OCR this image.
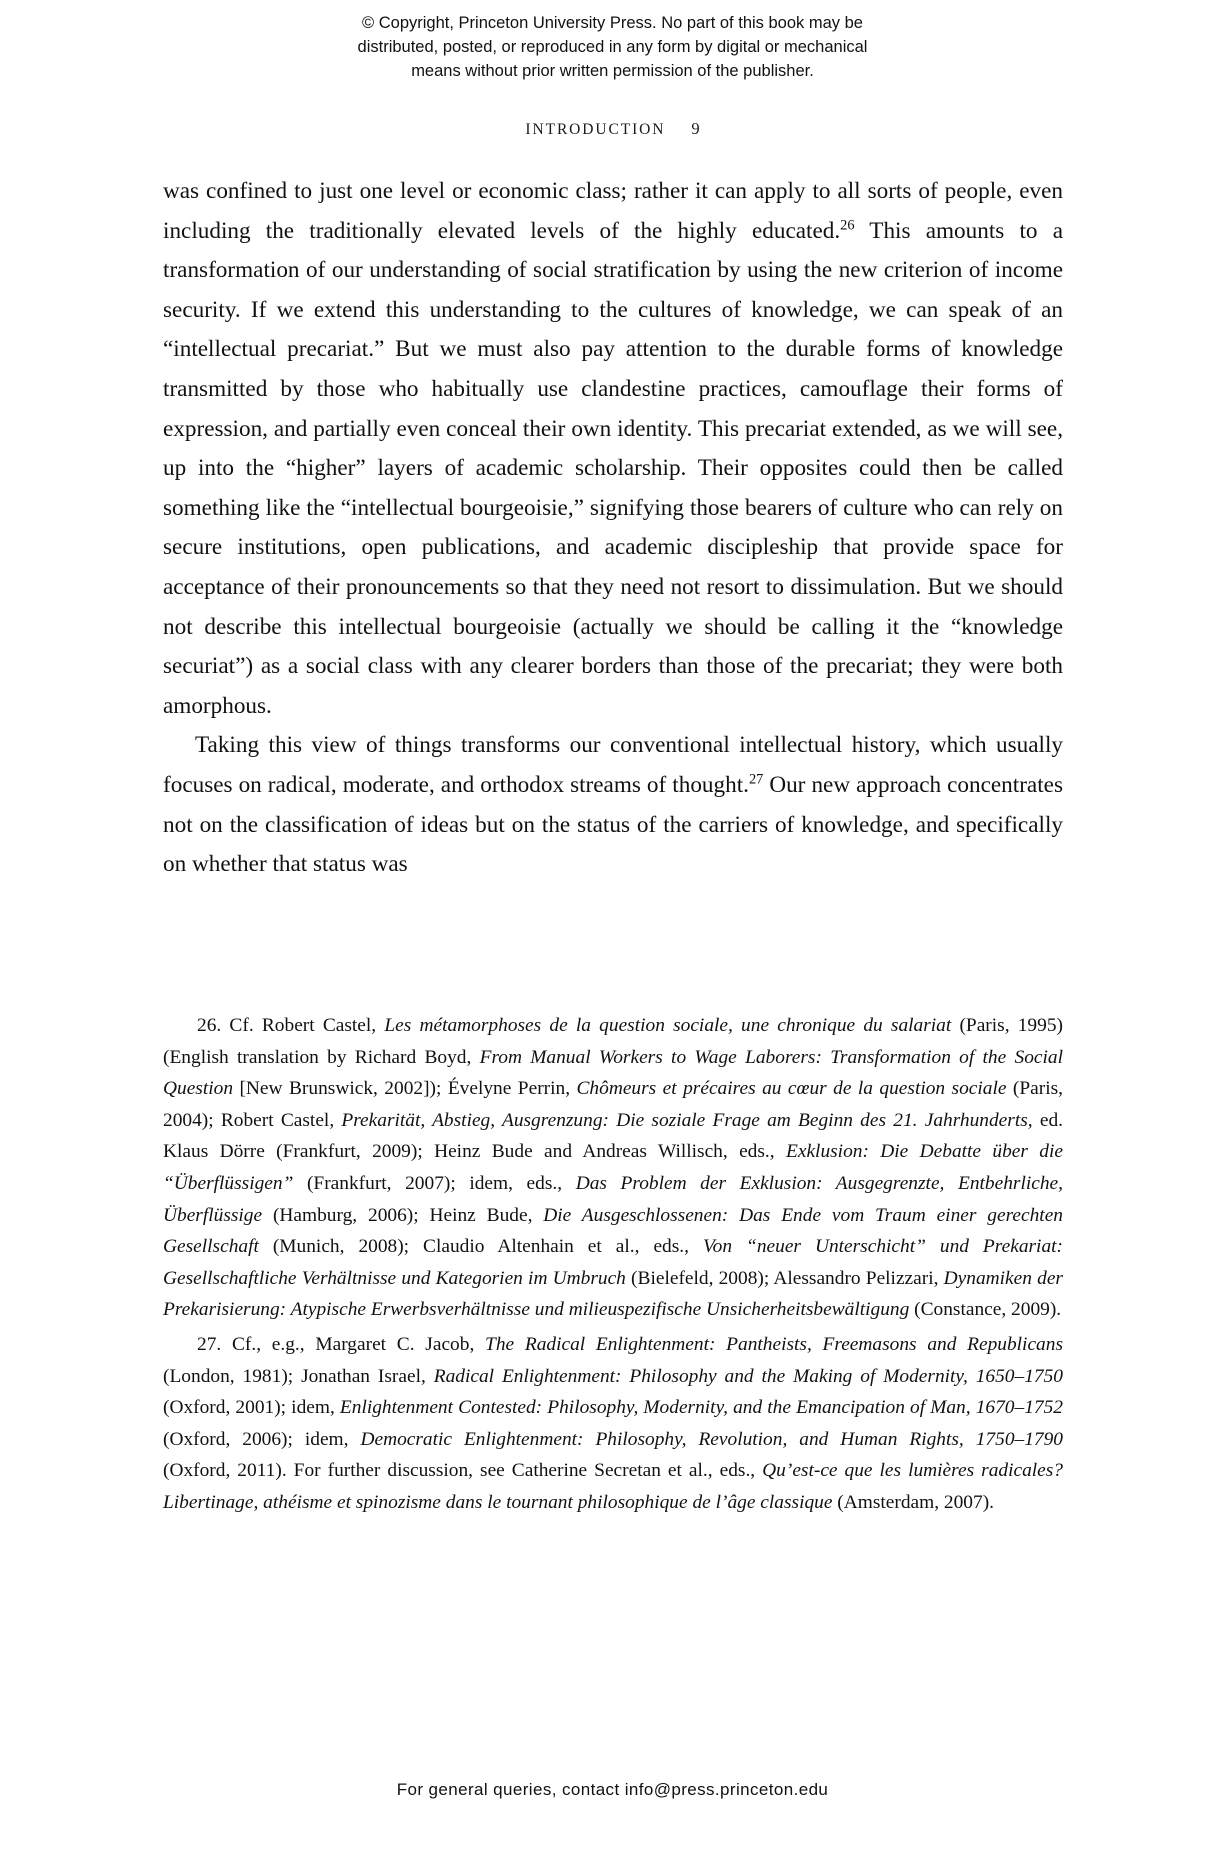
© Copyright, Princeton University Press. No part of this book may be
distributed, posted, or reproduced in any form by digital or mechanical
means without prior written permission of the publisher.
INTRODUCTION 9

was confined to just one level or economic class; rather it can apply to all sorts of people, even including the traditionally elevated levels of the highly educated.$^{26}$ This amounts to a transformation of our understanding of social stratification by using the new criterion of income security. If we extend this understanding to the cultures of knowledge, we can speak of an “intellectual precariat.” But we must also pay attention to the durable forms of knowledge transmitted by those who habitually use clandestine practices, camouflage their forms of expression, and partially even conceal their own identity. This precariat extended, as we will see, up into the “higher” layers of academic scholarship. Their opposites could then be called something like the “intellectual bourgeoisie,” signifying those bearers of culture who can rely on secure institutions, open publications, and academic discipleship that provide space for acceptance of their pronouncements so that they need not resort to dissimulation. But we should not describe this intellectual bourgeoisie (actually we should be calling it the “knowledge securiat”) as a social class with any clearer borders than those of the precariat; they were both amorphous.

Taking this view of things transforms our conventional intellectual history, which usually focuses on radical, moderate, and orthodox streams of thought.$^{27}$ Our new approach concentrates not on the classification of ideas but on the status of the carriers of knowledge, and specifically on whether that status was

26. Cf. Robert Castel, Les métamorphoses de la question sociale, une chronique du salariat (Paris, 1995) (English translation by Richard Boyd, From Manual Workers to Wage Laborers: Transformation of the Social Question [New Brunswick, 2002]); Évelyne Perrin, Chômeurs et précaires au cœur de la question sociale (Paris, 2004); Robert Castel, Prekarität, Abstieg, Ausgrenzung: Die soziale Frage am Beginn des 21. Jahrhunderts, ed. Klaus Dörre (Frankfurt, 2009); Heinz Bude and Andreas Willisch, eds., Exklusion: Die Debatte über die “Überflüssigen” (Frankfurt, 2007); idem, eds., Das Problem der Exklusion: Ausgegrenzte, Entbehrliche, Überflüssige (Hamburg, 2006); Heinz Bude, Die Ausgeschlossenen: Das Ende vom Traum einer gerechten Gesellschaft (Munich, 2008); Claudio Altenhain et al., eds., Von “neuer Unterschicht” und Prekariat: Gesellschaftliche Verhältnisse und Kategorien im Umbruch (Bielefeld, 2008); Alessandro Pelizzari, Dynamiken der Prekarisierung: Atypische Erwerbsverhältnisse und milieuspezifische Unsicherheitsbewältigung (Constance, 2009).

27. Cf., e.g., Margaret C. Jacob, The Radical Enlightenment: Pantheists, Freemasons and Republicans (London, 1981); Jonathan Israel, Radical Enlightenment: Philosophy and the Making of Modernity, 1650–1750 (Oxford, 2001); idem, Enlightenment Contested: Philosophy, Modernity, and the Emancipation of Man, 1670–1752 (Oxford, 2006); idem, Democratic Enlightenment: Philosophy, Revolution, and Human Rights, 1750–1790 (Oxford, 2011). For further discussion, see Catherine Secretan et al., eds., Qu’est-ce que les lumières radicales? Libertinage, athéisme et spinozisme dans le tournant philosophique de l’âge classique (Amsterdam, 2007).

For general queries, contact info@press.princeton.edu
